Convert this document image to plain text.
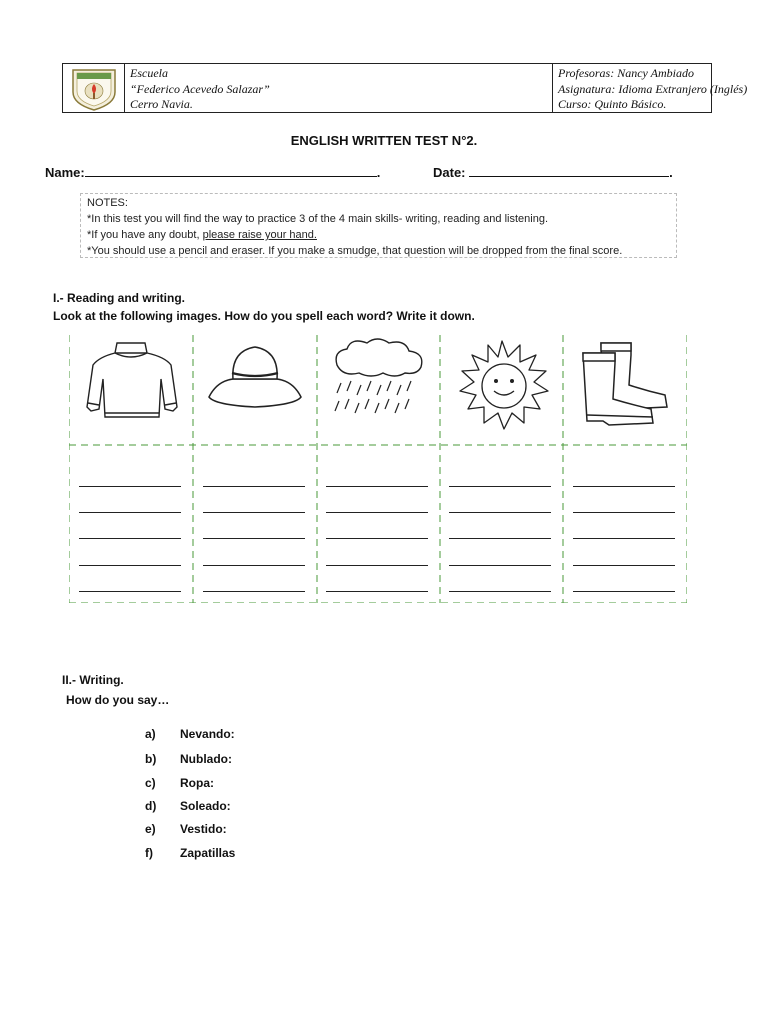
Escuela
“Federico Acevedo Salazar”
Cerro Navia.
Profesoras: Nancy Ambiado
Asignatura: Idioma Extranjero (Inglés)
Curso: Quinto Básico.
ENGLISH WRITTEN TEST N°2.
Name:	.	Date:	.
NOTES:
*In this test you will find the way to practice 3 of the 4 main skills- writing, reading and listening.
*If you have any doubt, please raise your hand.
*You should use a pencil and eraser. If you make a smudge, that question will be dropped from the final score.
I.- Reading and writing.
Look at the following images. How do you spell each word? Write it down.
II.- Writing.
How do you say…
a) Nevando:
b) Nublado:
c) Ropa:
d) Soleado:
e) Vestido:
f) Zapatillas
